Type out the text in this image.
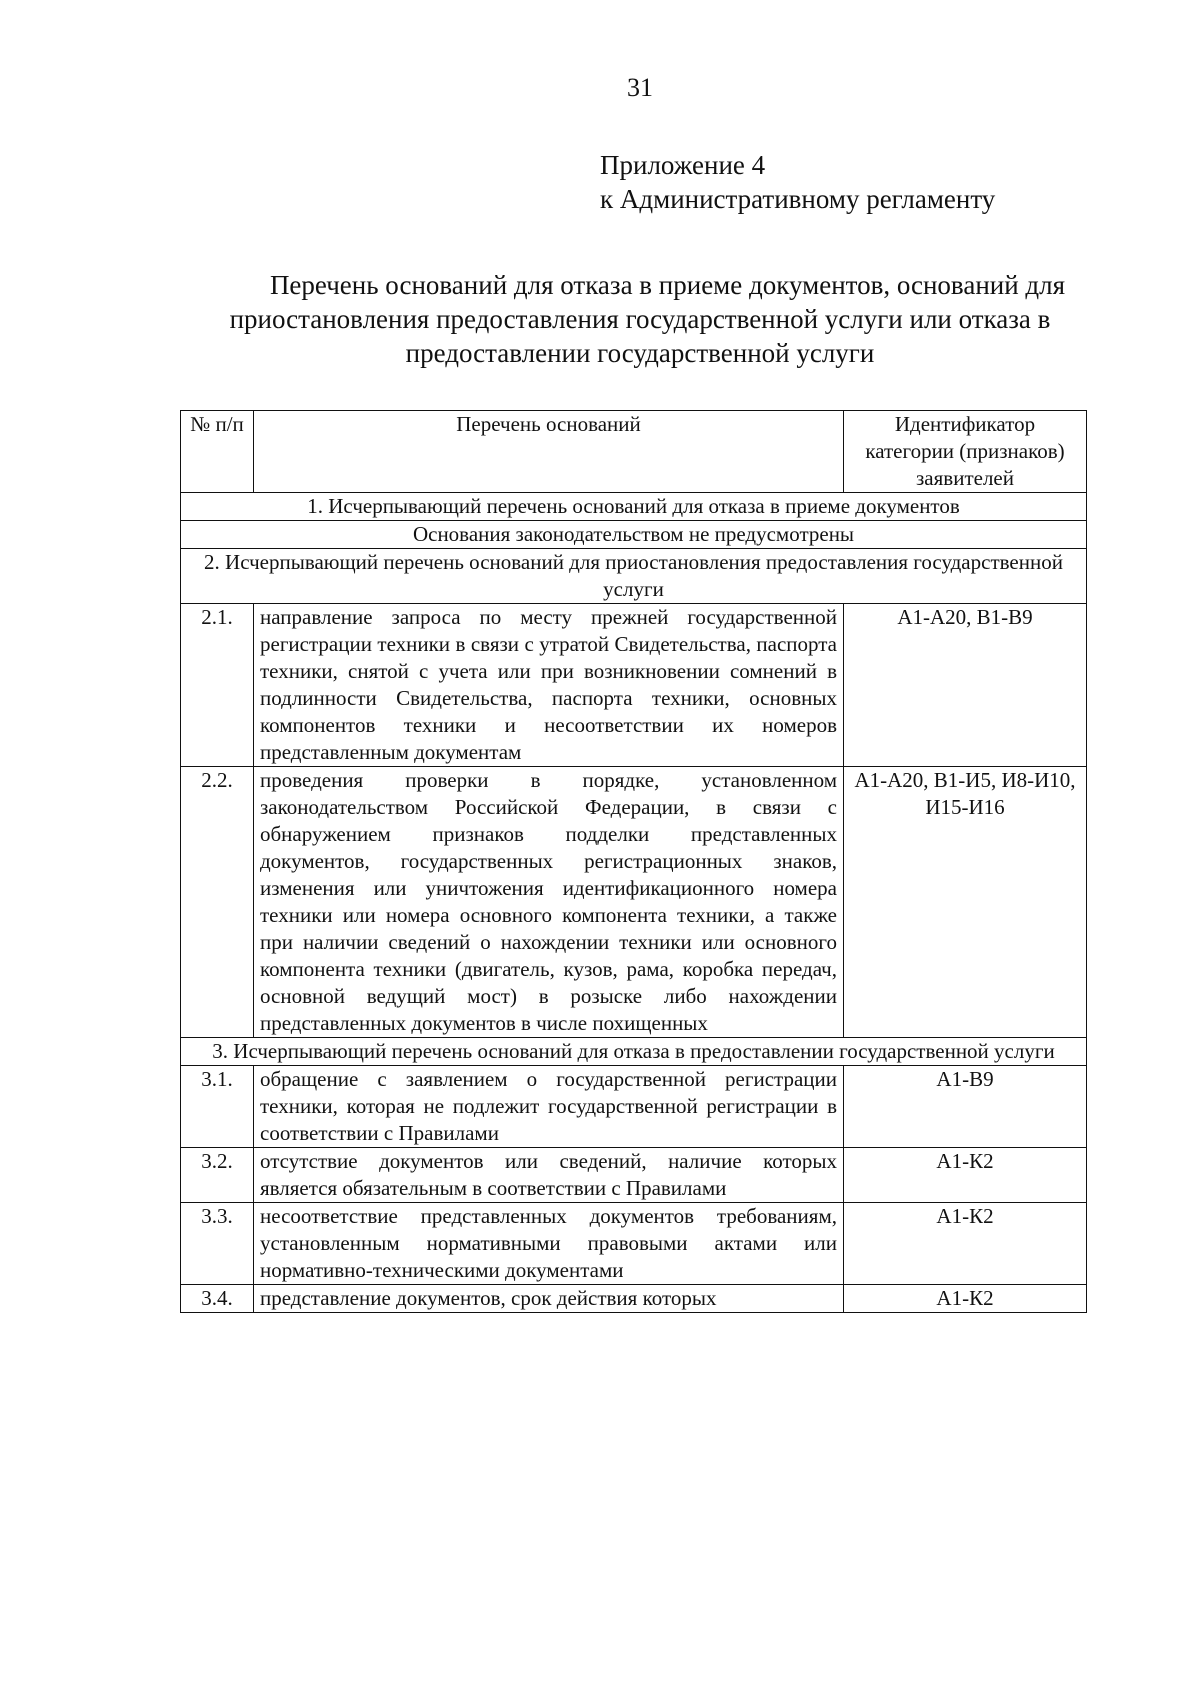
31
Приложение 4
к Административному регламенту
Перечень оснований для отказа в приеме документов, оснований для
приостановления предоставления государственной услуги или отказа в
предоставлении государственной услуги
№ п/п	Перечень оснований	Идентификатор категории (признаков) заявителей
1. Исчерпывающий перечень оснований для отказа в приеме документов		
Основания законодательством не предусмотрены		
2. Исчерпывающий перечень оснований для приостановления предоставления государственной услуги		
2.1.	направление запроса по месту прежней государственной регистрации техники в связи с утратой Свидетельства, паспорта техники, снятой с учета или при возникновении сомнений в подлинности Свидетельства, паспорта техники, основных компонентов техники и несоответствии их номеров представленным документам	А1-А20, В1-В9
2.2.	проведения проверки в порядке, установленном законодательством Российской Федерации, в связи с обнаружением признаков подделки представленных документов, государственных регистрационных знаков, изменения или уничтожения идентификационного номера техники или номера основного компонента техники, а также при наличии сведений о нахождении техники или основного компонента техники (двигатель, кузов, рама, коробка передач, основной ведущий мост) в розыске либо нахождении представленных документов в числе похищенных	А1-А20, В1-И5, И8-И10, И15-И16
3. Исчерпывающий перечень оснований для отказа в предоставлении государственной услуги		
3.1.	обращение с заявлением о государственной регистрации техники, которая не подлежит государственной регистрации в соответствии с Правилами	А1-В9
3.2.	отсутствие документов или сведений, наличие которых является обязательным в соответствии с Правилами	А1-К2
3.3.	несоответствие представленных документов требованиям, установленным нормативными правовыми актами или нормативно-техническими документами	А1-К2
3.4.	представление документов, срок действия которых	А1-К2
